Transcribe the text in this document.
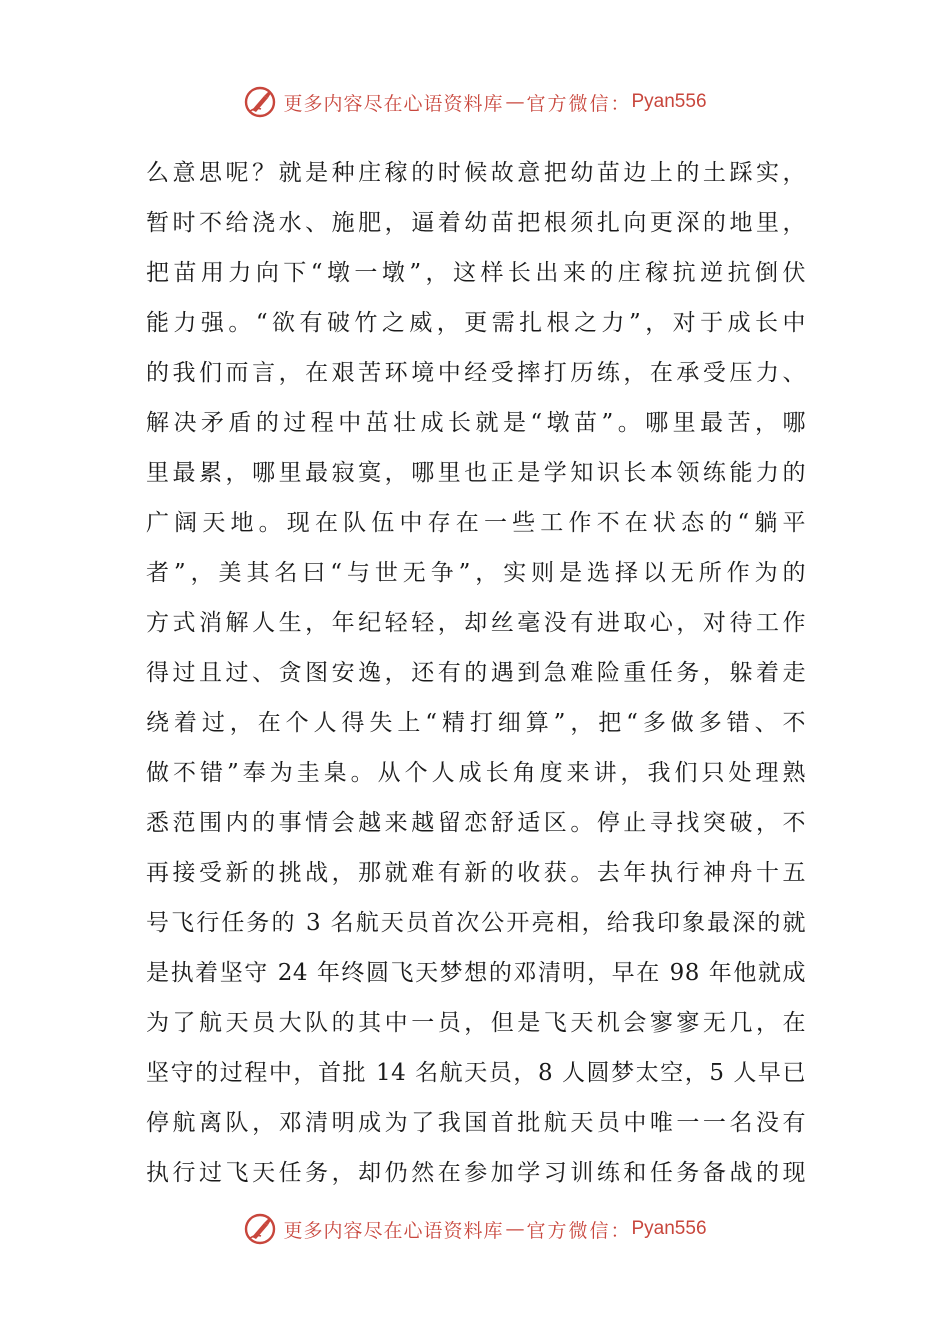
更多内容尽在心语资料库 — 官方微信： Pyan556
么意思呢？就是种庄稼的时候故意把幼苗边上的土踩实，
暂时不给浇水、施肥，逼着幼苗把根须扎向更深的地里，
把苗用力向下“墩一墩”，这样长出来的庄稼抗逆抗倒伏
能力强。“欲有破竹之威，更需扎根之力”，对于成长中
的我们而言，在艰苦环境中经受摔打历练，在承受压力、
解决矛盾的过程中茁壮成长就是“墩苗”。哪里最苦，哪
里最累，哪里最寂寞，哪里也正是学知识长本领练能力的
广阔天地。现在队伍中存在一些工作不在状态的“躺平
者”，美其名曰“与世无争”，实则是选择以无所作为的
方式消解人生，年纪轻轻，却丝毫没有进取心，对待工作
得过且过、贪图安逸，还有的遇到急难险重任务，躲着走
绕着过，在个人得失上“精打细算”，把“多做多错、不
做不错”奉为圭臬。从个人成长角度来讲，我们只处理熟
悉范围内的事情会越来越留恋舒适区。停止寻找突破，不
再接受新的挑战，那就难有新的收获。去年执行神舟十五
号飞行任务的 3 名航天员首次公开亮相，给我印象最深的就
是执着坚守 24 年终圆飞天梦想的邓清明，早在 98 年他就成
为了航天员大队的其中一员，但是飞天机会寥寥无几，在
坚守的过程中，首批 14 名航天员，8 人圆梦太空，5 人早已
停航离队，邓清明成为了我国首批航天员中唯一一名没有
执行过飞天任务，却仍然在参加学习训练和任务备战的现
更多内容尽在心语资料库 — 官方微信： Pyan556
